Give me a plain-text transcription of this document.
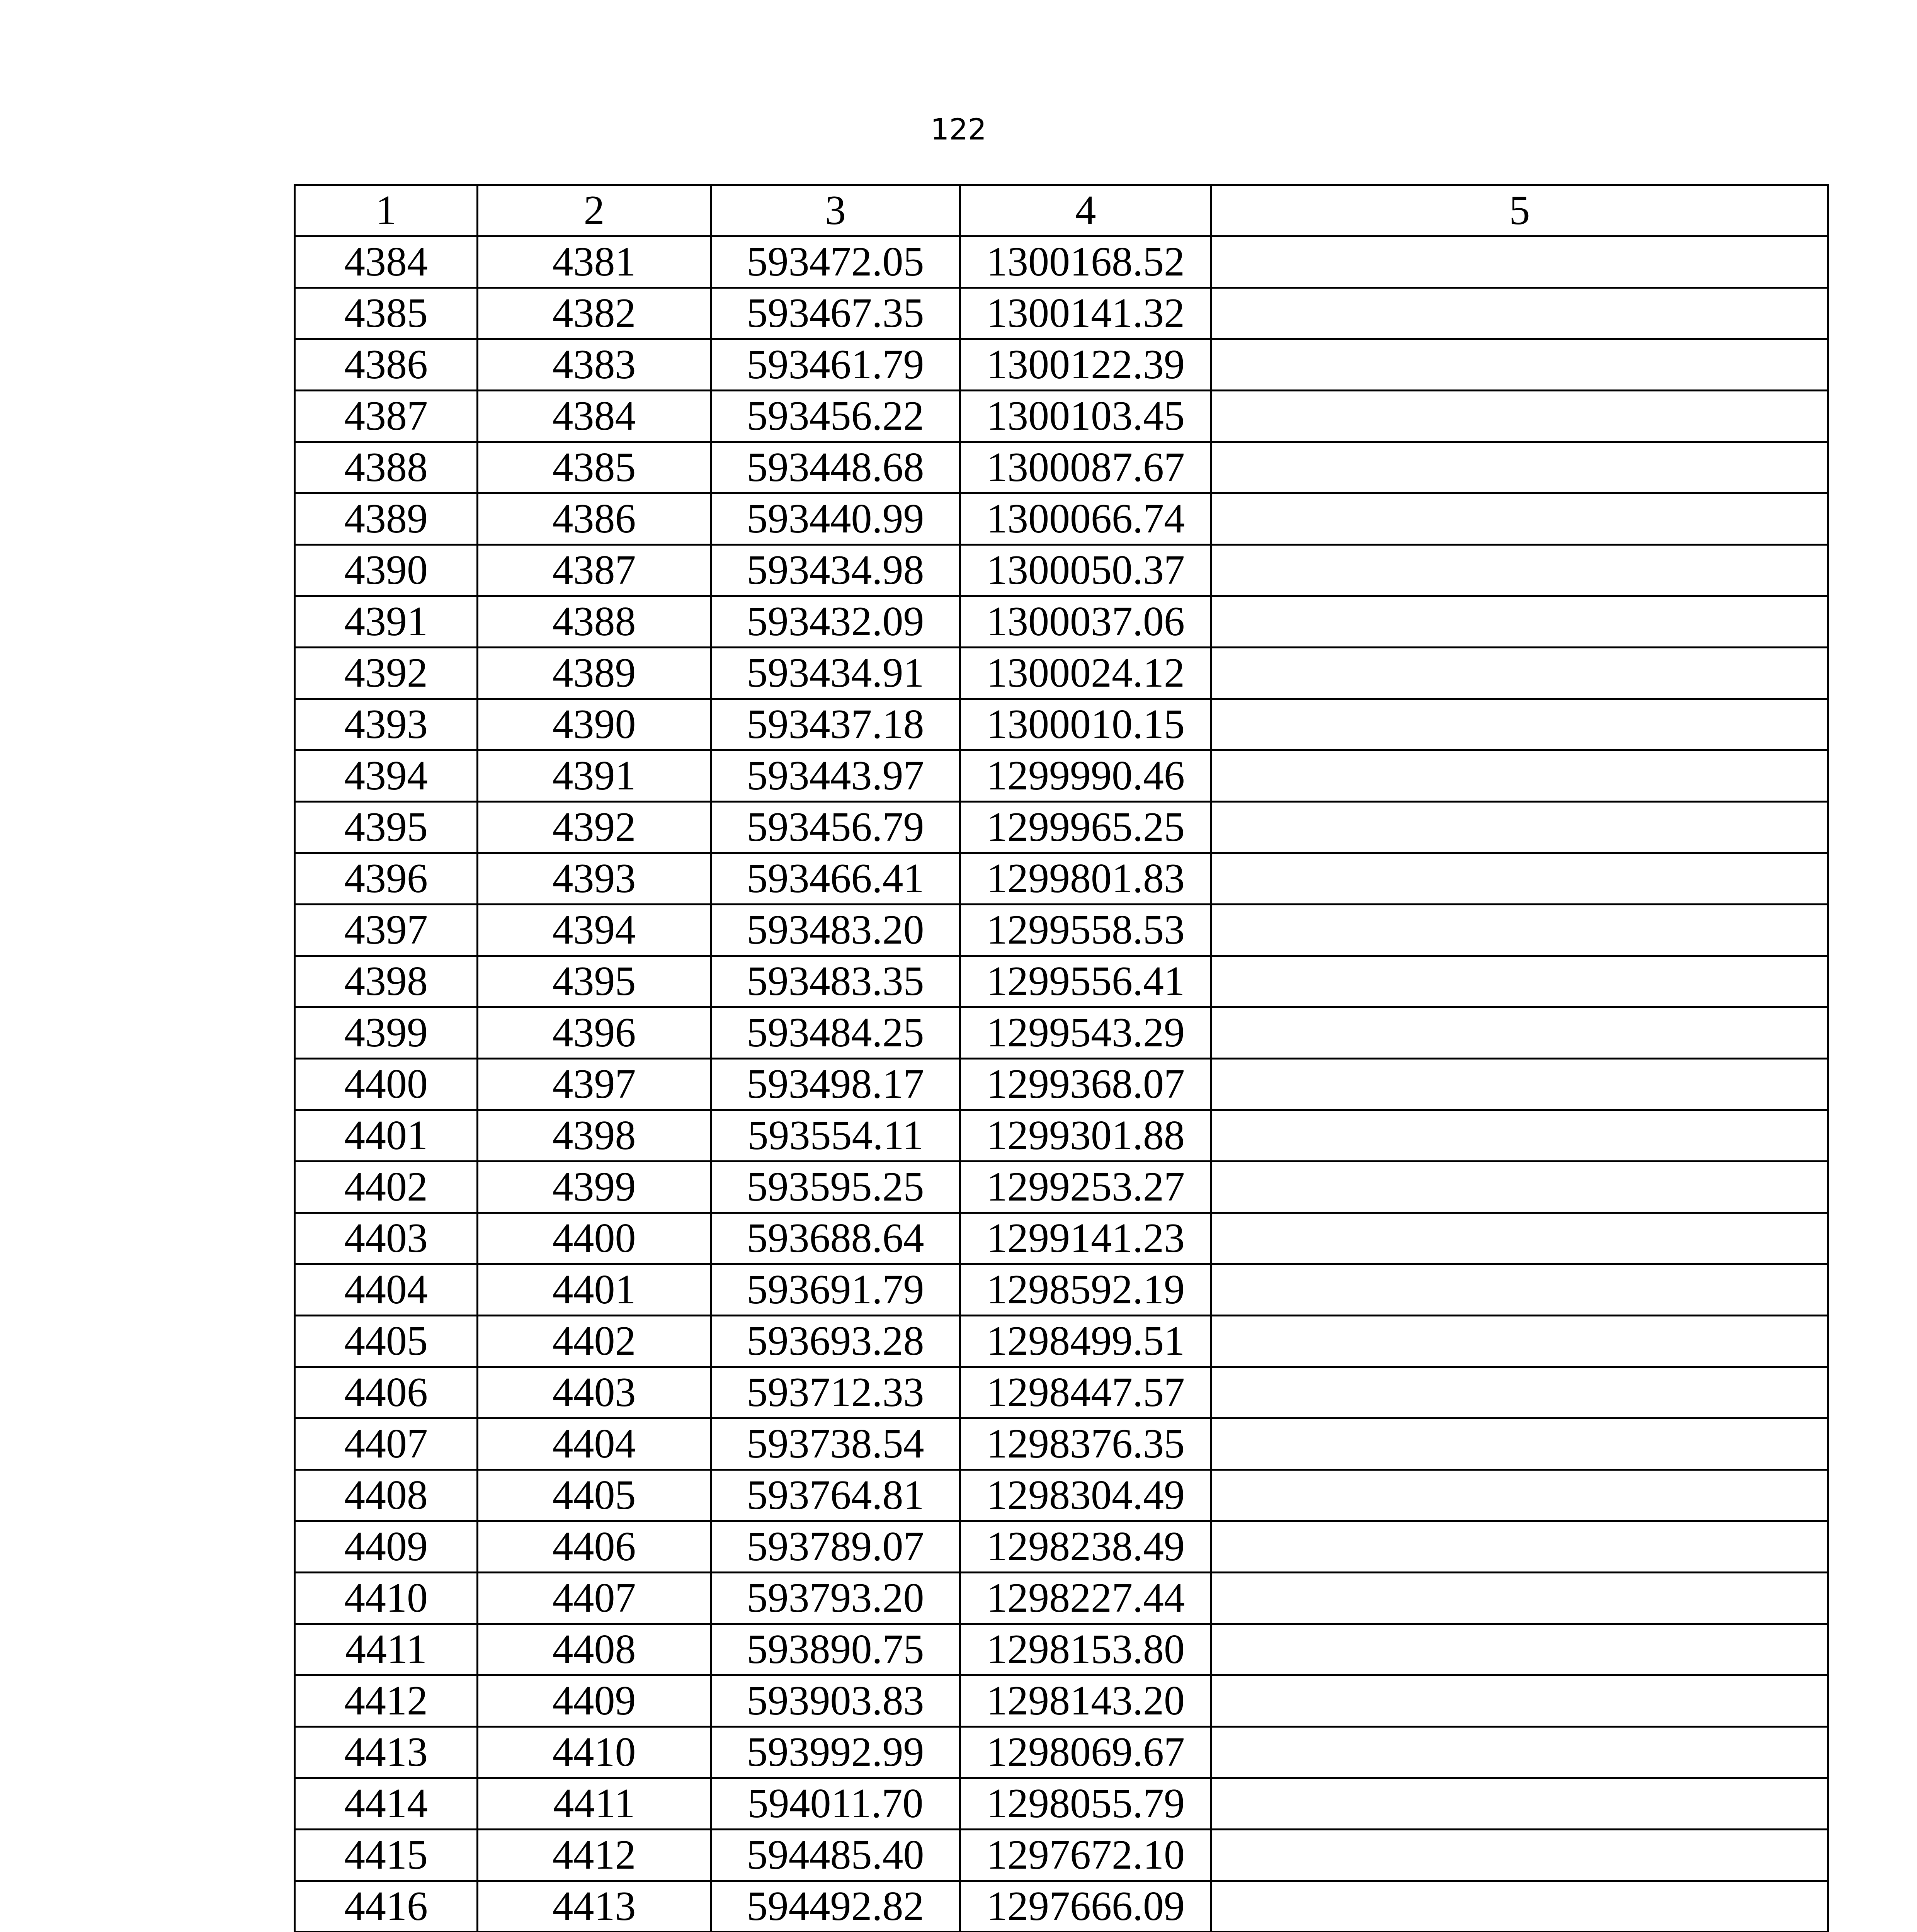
122
1	2	3	4	5
4384	4381	593472.05	1300168.52	
4385	4382	593467.35	1300141.32	
4386	4383	593461.79	1300122.39	
4387	4384	593456.22	1300103.45	
4388	4385	593448.68	1300087.67	
4389	4386	593440.99	1300066.74	
4390	4387	593434.98	1300050.37	
4391	4388	593432.09	1300037.06	
4392	4389	593434.91	1300024.12	
4393	4390	593437.18	1300010.15	
4394	4391	593443.97	1299990.46	
4395	4392	593456.79	1299965.25	
4396	4393	593466.41	1299801.83	
4397	4394	593483.20	1299558.53	
4398	4395	593483.35	1299556.41	
4399	4396	593484.25	1299543.29	
4400	4397	593498.17	1299368.07	
4401	4398	593554.11	1299301.88	
4402	4399	593595.25	1299253.27	
4403	4400	593688.64	1299141.23	
4404	4401	593691.79	1298592.19	
4405	4402	593693.28	1298499.51	
4406	4403	593712.33	1298447.57	
4407	4404	593738.54	1298376.35	
4408	4405	593764.81	1298304.49	
4409	4406	593789.07	1298238.49	
4410	4407	593793.20	1298227.44	
4411	4408	593890.75	1298153.80	
4412	4409	593903.83	1298143.20	
4413	4410	593992.99	1298069.67	
4414	4411	594011.70	1298055.79	
4415	4412	594485.40	1297672.10	
4416	4413	594492.82	1297666.09	
